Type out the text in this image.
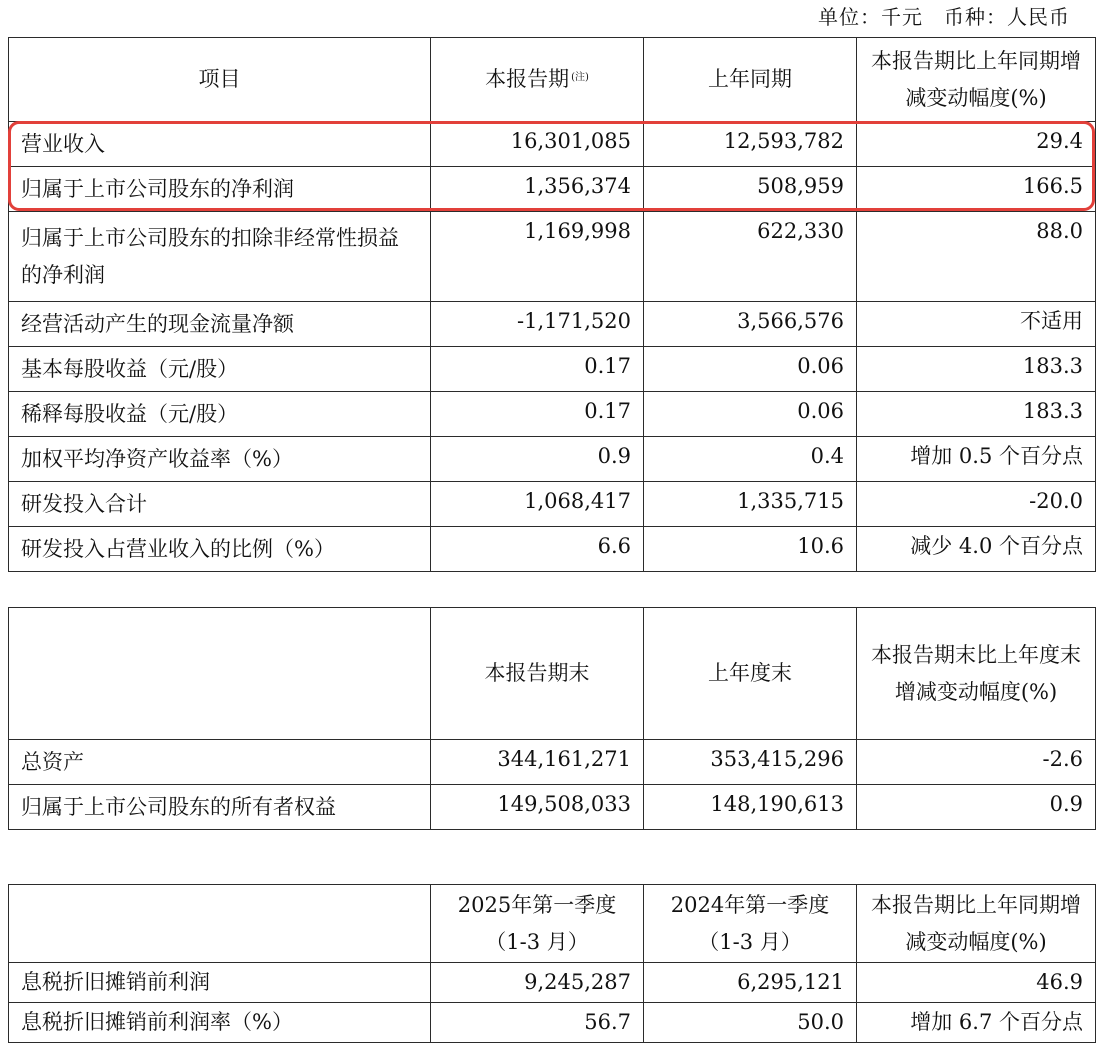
单位：千元　币种：人民币
项目	本报告期 $^{(注)}$	上年同期	本报告期比上年同期增减变动幅度(%)
营业收入	16,301,085	12,593,782	29.4
归属于上市公司股东的净利润	1,356,374	508,959	166.5
归属于上市公司股东的扣除非经常性损益的净利润	1,169,998	622,330	88.0
经营活动产生的现金流量净额	-1,171,520	3,566,576	不适用
基本每股收益（元/股）	0.17	0.06	183.3
稀释每股收益（元/股）	0.17	0.06	183.3
加权平均净资产收益率（%）	0.9	0.4	增加 0.5 个百分点
研发投入合计	1,068,417	1,335,715	-20.0
研发投入占营业收入的比例（%）	6.6	10.6	减少 4.0 个百分点
	本报告期末	上年度末	本报告期末比上年度末增减变动幅度(%)
总资产	344,161,271	353,415,296	-2.6
归属于上市公司股东的所有者权益	149,508,033	148,190,613	0.9
	2025年第一季度（1-3 月）	2024年第一季度（1-3 月）	本报告期比上年同期增减变动幅度(%)
息税折旧摊销前利润	9,245,287	6,295,121	46.9
息税折旧摊销前利润率（%）	56.7	50.0	增加 6.7 个百分点
